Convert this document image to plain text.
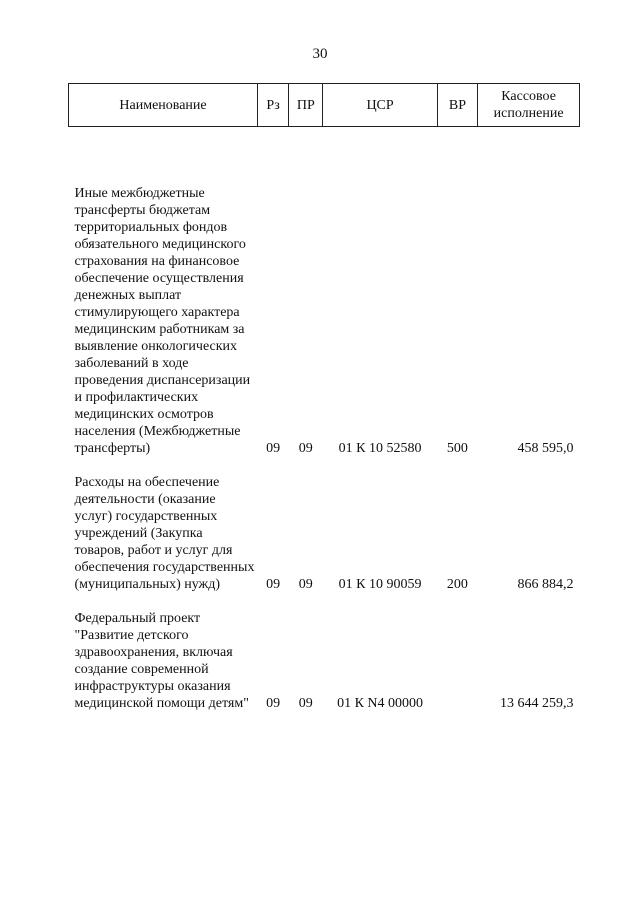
30
Наименование	Рз	ПР	ЦСР	ВР	Кассовое исполнение
Иные межбюджетные трансферты бюджетам территориальных фондов обязательного медицинского страхования на финансовое обеспечение осуществления денежных выплат стимулирующего характера медицинским работникам за выявление онкологических заболеваний в ходе проведения диспансеризации и профилактических медицинских осмотров населения (Межбюджетные трансферты)	09	09	01 К 10 52580	500	458 595,0
Расходы на обеспечение деятельности (оказание услуг) государственных учреждений (Закупка товаров, работ и услуг для обеспечения государственных (муниципальных) нужд)	09	09	01 К 10 90059	200	866 884,2
Федеральный проект "Развитие детского здравоохранения, включая создание современной инфраструктуры оказания медицинской помощи детям"	09	09	01 К N4 00000		13 644 259,3
